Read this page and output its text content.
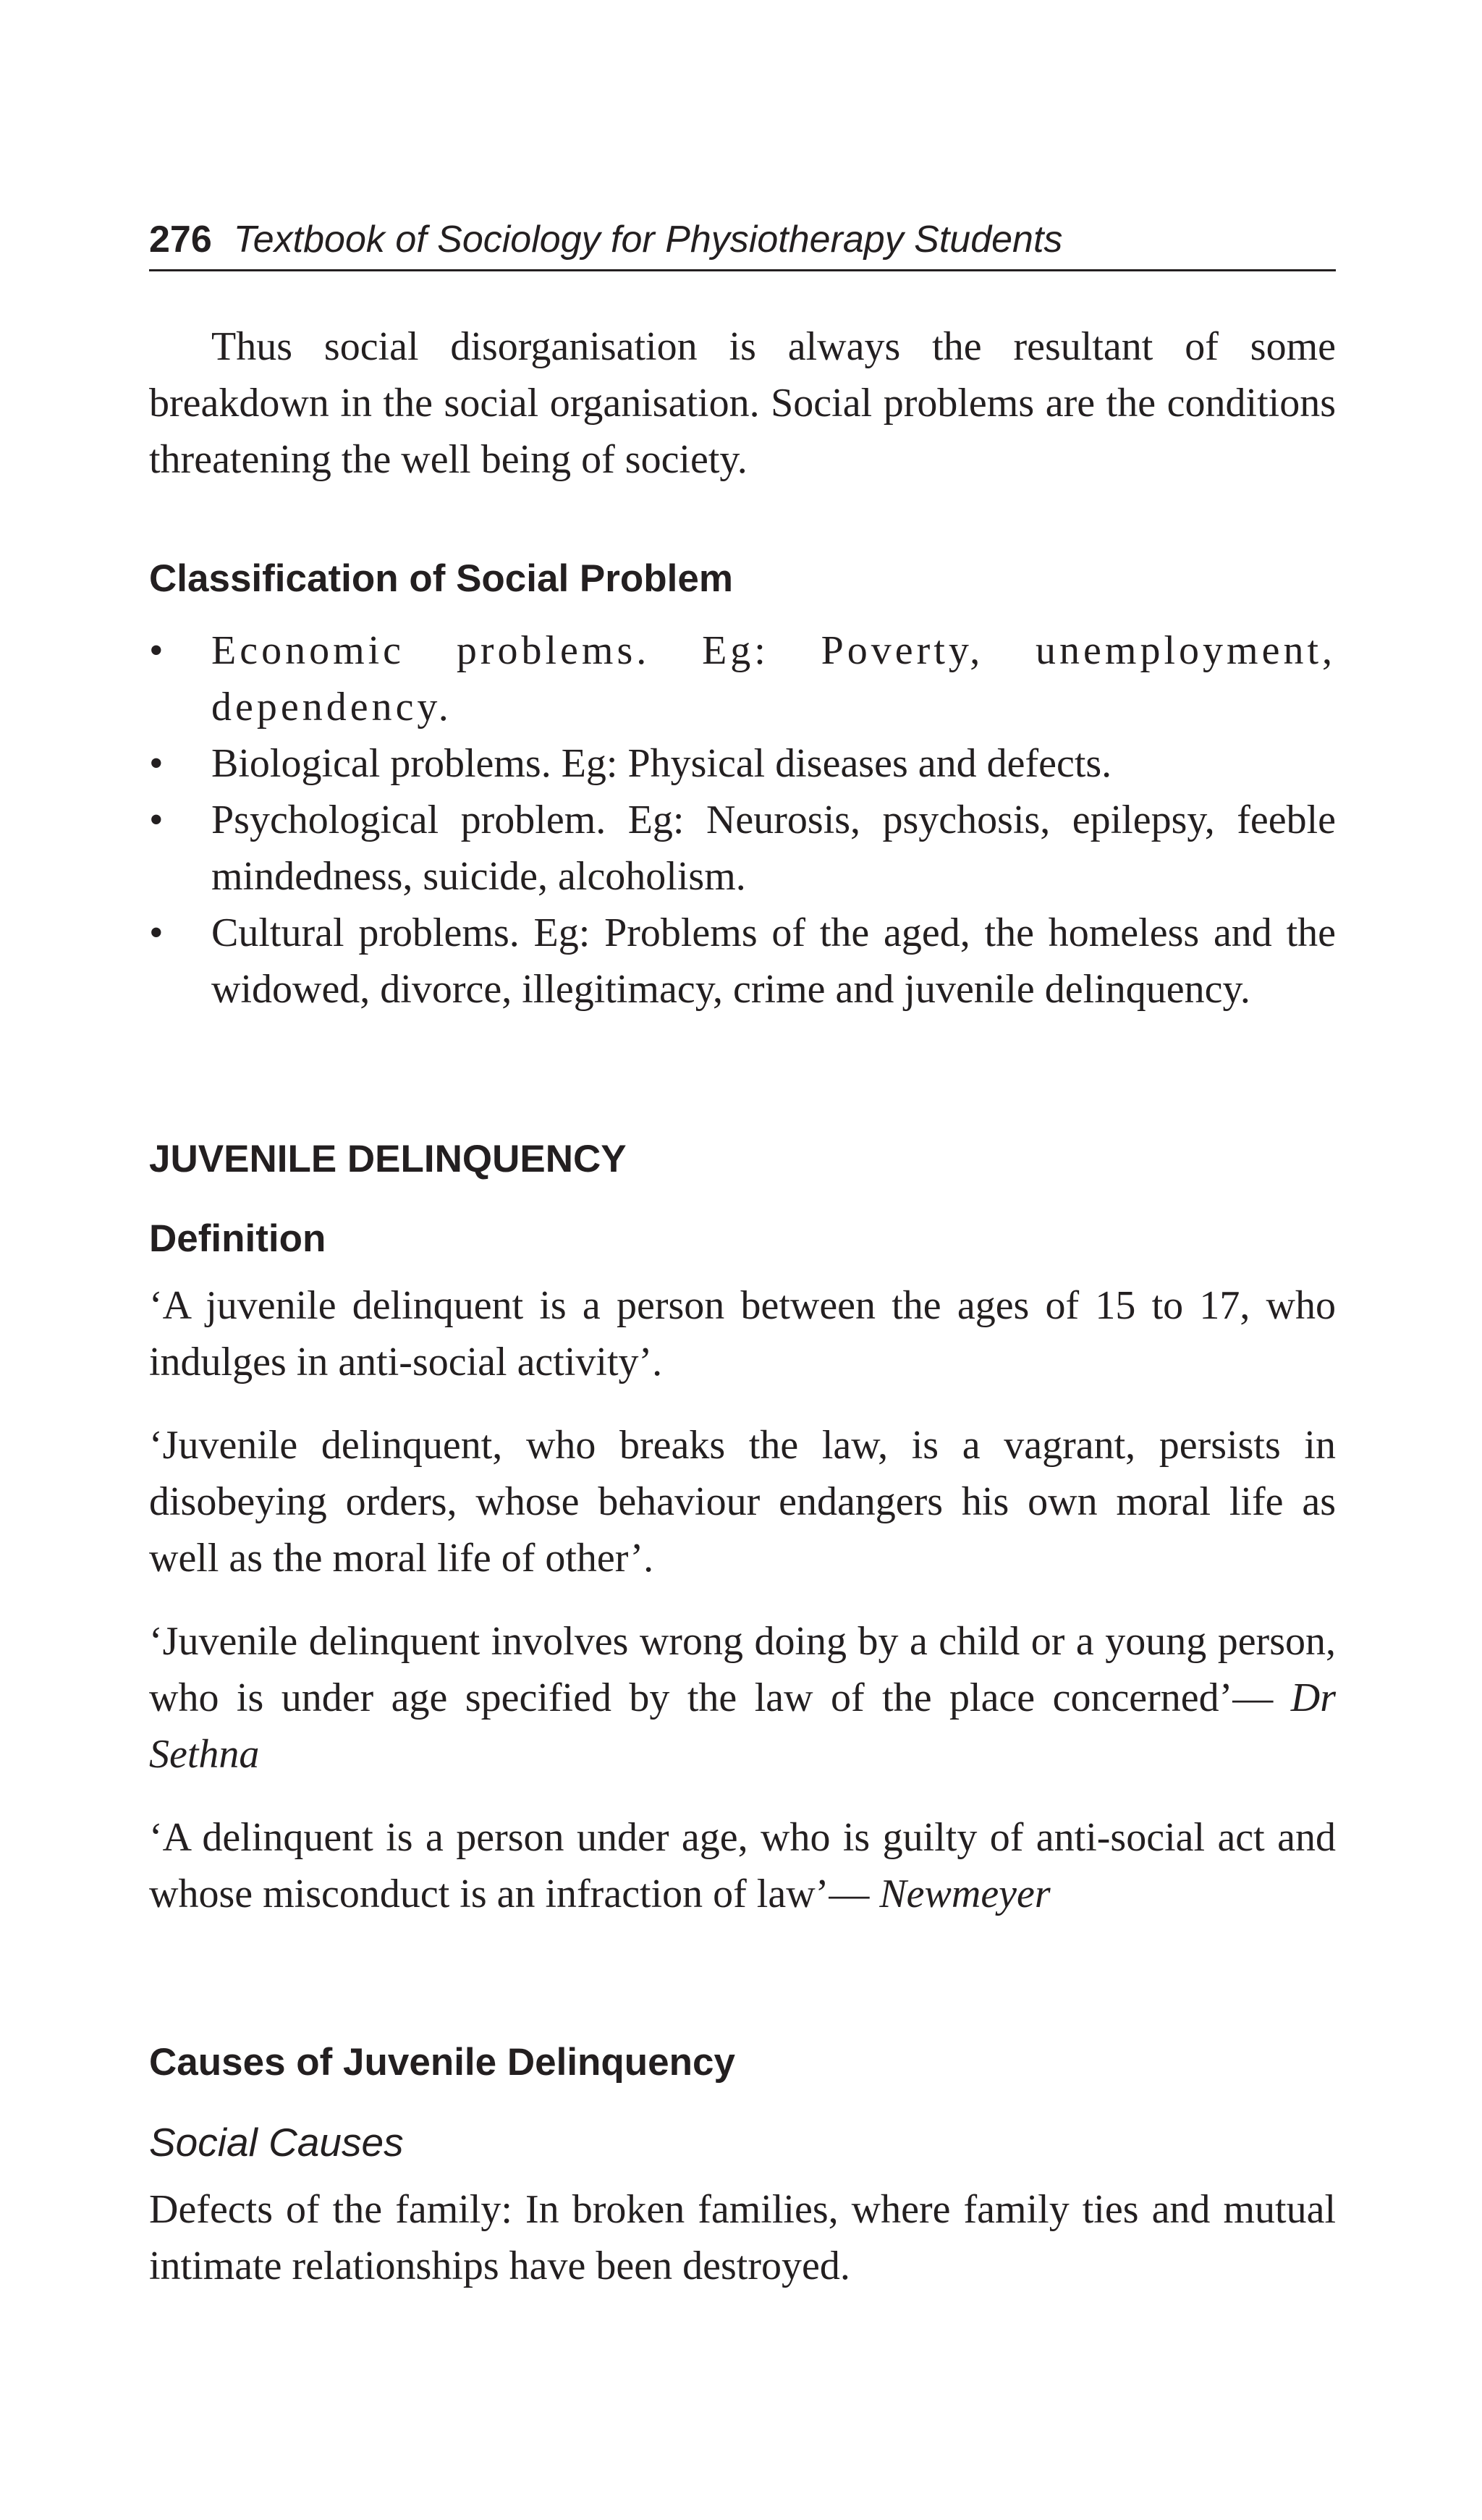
276 Textbook of Sociology for Physiotherapy Students
Thus social disorganisation is always the resultant of some breakdown in the social organisation. Social problems are the conditions threatening the well being of society.
Classification of Social Problem
• Economic problems. Eg: Poverty, unemployment, dependency.
• Biological problems. Eg: Physical diseases and defects.
• Psychological problem. Eg: Neurosis, psychosis, epilepsy, feeble mindedness, suicide, alcoholism.
• Cultural problems. Eg: Problems of the aged, the homeless and the widowed, divorce, illegitimacy, crime and juvenile delinquency.
JUVENILE DELINQUENCY
Definition
‘A juvenile delinquent is a person between the ages of 15 to 17, who indulges in anti-social activity’.
‘Juvenile delinquent, who breaks the law, is a vagrant, persists in disobeying orders, whose behaviour endangers his own moral life as well as the moral life of other’.
‘Juvenile delinquent involves wrong doing by a child or a young person, who is under age specified by the law of the place concerned’— Dr Sethna
‘A delinquent is a person under age, who is guilty of anti-social act and whose misconduct is an infraction of law’— Newmeyer
Causes of Juvenile Delinquency
Social Causes
Defects of the family: In broken families, where family ties and mutual intimate relationships have been destroyed.
